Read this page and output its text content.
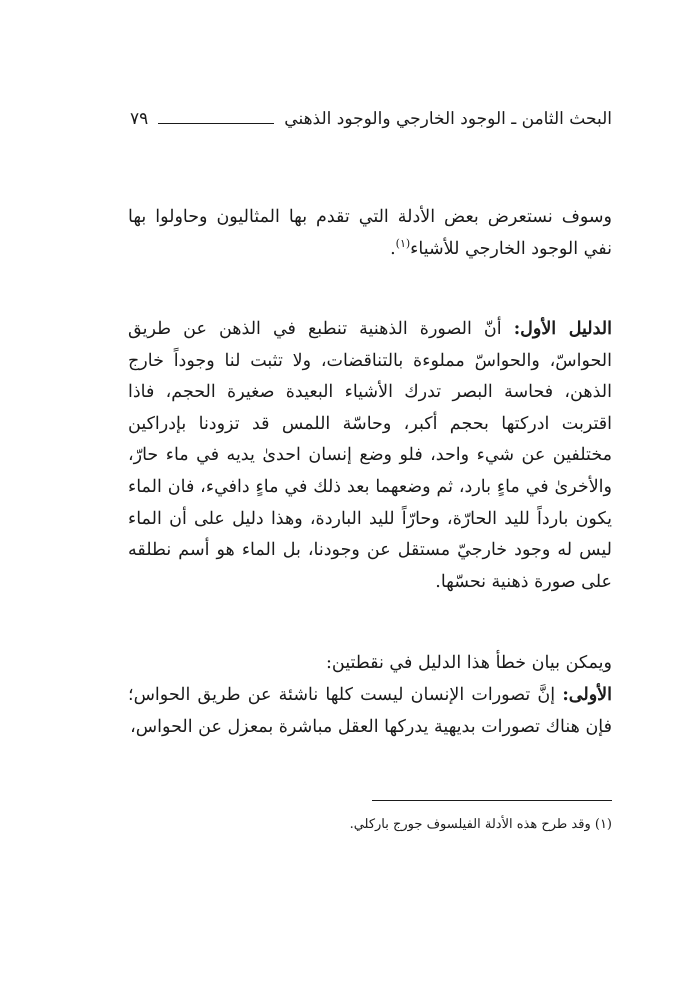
البحث الثامن ـ الوجود الخارجي والوجود الذهني
٧٩

وسوف نستعرض بعض الأدلة التي تقدم بها المثاليون وحاولوا بها نفي الوجود الخارجي للأشياء$^{(١)}$.

الدليل الأول: أنّ الصورة الذهنية تنطبع في الذهن عن طريق الحواسّ، والحواسّ مملوءة بالتناقضات، ولا تثبت لنا وجوداً خارج الذهن، فحاسة البصر تدرك الأشياء البعيدة صغيرة الحجم، فاذا اقتربت ادركتها بحجم أكبر، وحاسّة اللمس قد تزودنا بإدراكين مختلفين عن شيء واحد، فلو وضع إنسان احدىٰ يديه في ماء حارّ، والأخرىٰ في ماءٍ بارد، ثم وضعهما بعد ذلك في ماءٍ دافيء، فان الماء يكون بارداً لليد الحارّة، وحارّاً لليد الباردة، وهذا دليل على أن الماء ليس له وجود خارجيّ مستقل عن وجودنا، بل الماء هو أسم نطلقه على صورة ذهنية نحسّها.

ويمكن بيان خطأ هذا الدليل في نقطتين:

الأولى: إنَّ تصورات الإنسان ليست كلها ناشئة عن طريق الحواس؛ فإن هناك تصورات بديهية يدركها العقل مباشرة بمعزل عن الحواس،

(١) وقد طرح هذه الأدلة الفيلسوف جورج باركلي.
